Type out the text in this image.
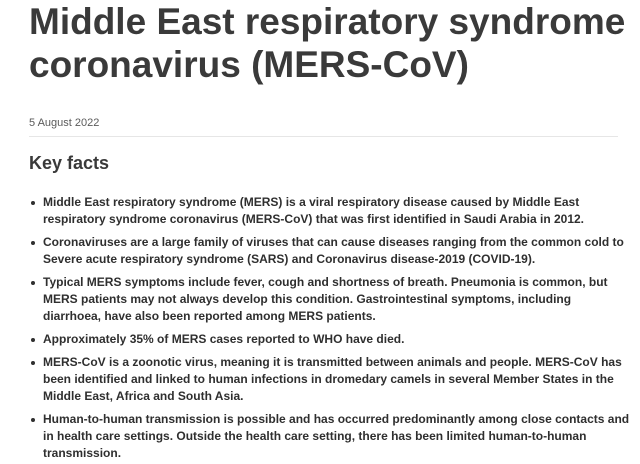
Middle East respiratory syndrome coronavirus (MERS-CoV)
5 August 2022
Key facts
Middle East respiratory syndrome (MERS) is a viral respiratory disease caused by Middle East respiratory syndrome coronavirus (MERS-CoV) that was first identified in Saudi Arabia in 2012.
Coronaviruses are a large family of viruses that can cause diseases ranging from the common cold to Severe acute respiratory syndrome (SARS) and Coronavirus disease-2019 (COVID-19).
Typical MERS symptoms include fever, cough and shortness of breath. Pneumonia is common, but MERS patients may not always develop this condition. Gastrointestinal symptoms, including diarrhoea, have also been reported among MERS patients.
Approximately 35% of MERS cases reported to WHO have died.
MERS-CoV is a zoonotic virus, meaning it is transmitted between animals and people. MERS-CoV has been identified and linked to human infections in dromedary camels in several Member States in the Middle East, Africa and South Asia.
Human-to-human transmission is possible and has occurred predominantly among close contacts and in health care settings. Outside the health care setting, there has been limited human-to-human transmission.
